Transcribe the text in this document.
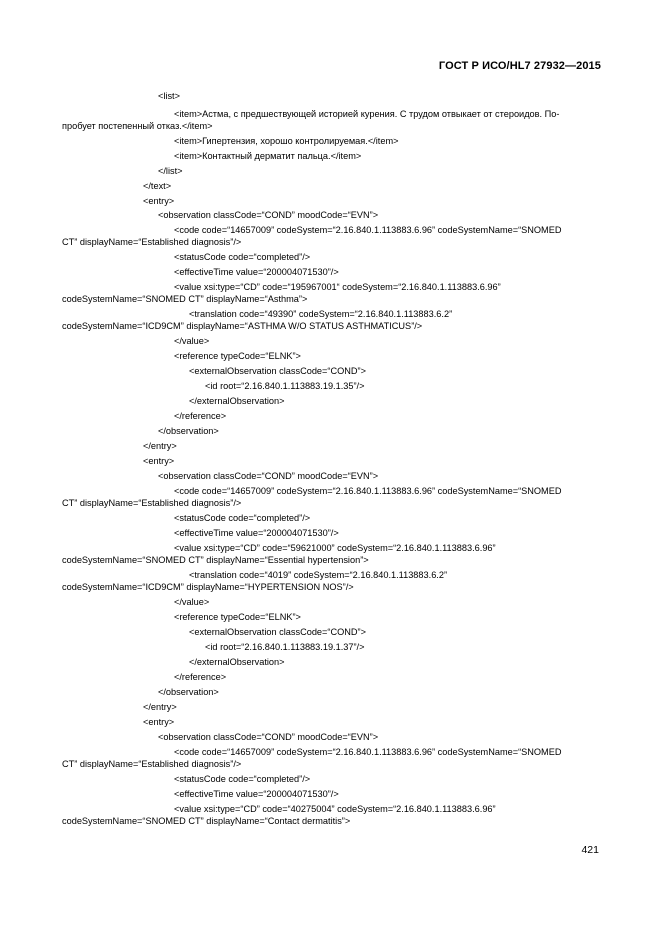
ГОСТ Р ИСО/HL7 27932—2015
<list>
<item>Астма, с предшествующей историей курения. С трудом отвыкает от стероидов. По-
пробует постепенный отказ.</item>
<item>Гипертензия, хорошо контролируемая.</item>
<item>Контактный дерматит пальца.</item>
</list>
</text>
<entry>
<observation classCode=“COND” moodCode=“EVN”>
<code code=“14657009” codeSystem=“2.16.840.1.113883.6.96” codeSystemName=“SNOMED
CT” displayName=“Established diagnosis”/>
<statusCode code=“completed”/>
<effectiveTime value=“200004071530”/>
<value xsi:type=“CD” code=“195967001“ codeSystem=“2.16.840.1.113883.6.96”
codeSystemName=“SNOMED CT” displayName=“Asthma”>
<translation code=“49390” codeSystem=“2.16.840.1.113883.6.2”
codeSystemName=“ICD9CM” displayName=“ASTHMA W/O STATUS ASTHMATICUS”/>
</value>
<reference typeCode=“ELNK”>
<externalObservation classCode=“COND”>
<id root=“2.16.840.1.113883.19.1.35”/>
</externalObservation>
</reference>
</observation>
</entry>
<entry>
<observation classCode=“COND” moodCode=“EVN”>
<code code=“14657009” codeSystem=“2.16.840.1.113883.6.96” codeSystemName=“SNOMED
CT” displayName=“Established diagnosis”/>
<statusCode code=“completed”/>
<effectiveTime value=“200004071530”/>
<value xsi:type=“CD” code=“59621000” codeSystem=“2.16.840.1.113883.6.96”
codeSystemName=“SNOMED CT” displayName=“Essential hypertension”>
<translation code=“4019” codeSystem=“2.16.840.1.113883.6.2”
codeSystemName=“ICD9CM” displayName=“HYPERTENSION NOS”/>
</value>
<reference typeCode=“ELNK”>
<externalObservation classCode=“COND”>
<id root=“2.16.840.1.113883.19.1.37”/>
</externalObservation>
</reference>
</observation>
</entry>
<entry>
<observation classCode=“COND” moodCode=“EVN”>
<code code=“14657009” codeSystem=“2.16.840.1.113883.6.96” codeSystemName=“SNOMED
CT” displayName=“Established diagnosis”/>
<statusCode code=“completed”/>
<effectiveTime value=“200004071530”/>
<value xsi:type=“CD” code=“40275004” codeSystem=“2.16.840.1.113883.6.96”
codeSystemName=“SNOMED CT” displayName=“Contact dermatitis”>
421
